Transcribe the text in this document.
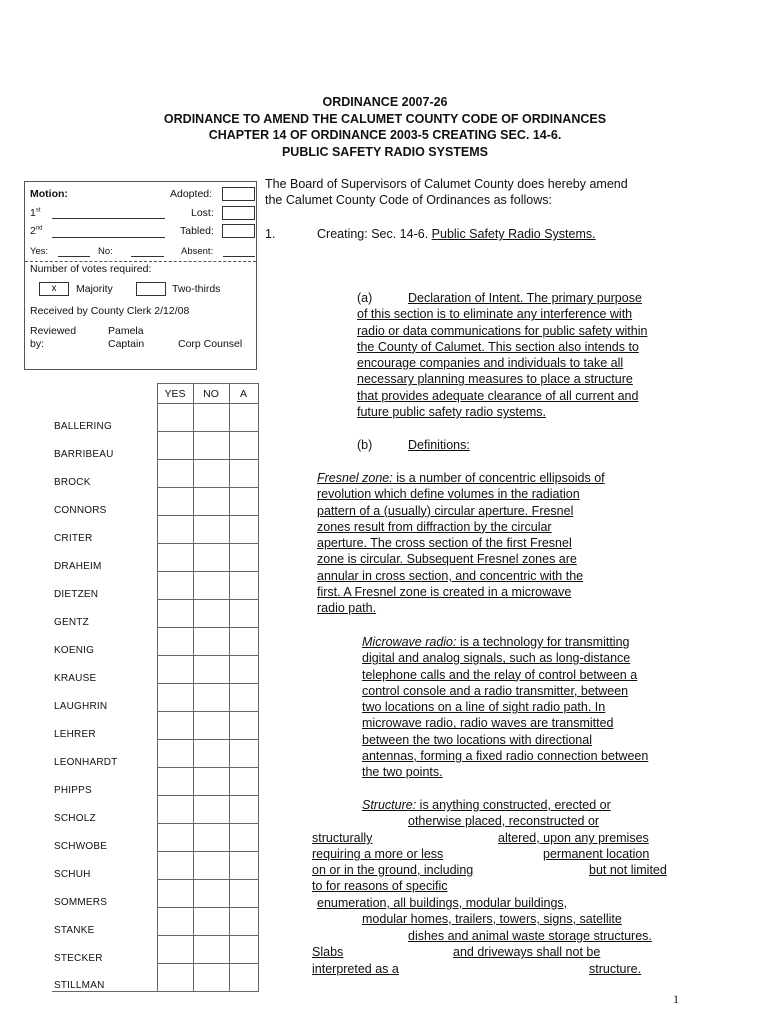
ORDINANCE 2007-26
ORDINANCE TO AMEND THE CALUMET COUNTY CODE OF ORDINANCES
CHAPTER 14 OF ORDINANCE 2003-5 CREATING SEC. 14-6.
PUBLIC SAFETY RADIO SYSTEMS
Motion:	Adopted:
1st	Lost:
2nd	Tabled:
Yes:	No:	Absent:
Number of votes required:
x	Majority	Two-thirds
Received by County Clerk 2/12/08
Reviewed
by:
Pamela
Captain	Corp Counsel
	YES	NO	A
BALLERING			
BARRIBEAU			
BROCK			
CONNORS			
CRITER			
DRAHEIM			
DIETZEN			
GENTZ			
KOENIG			
KRAUSE			
LAUGHRIN			
LEHRER			
LEONHARDT			
PHIPPS			
SCHOLZ			
SCHWOBE			
SCHUH			
SOMMERS			
STANKE			
STECKER			
STILLMAN			
The Board of Supervisors of Calumet County does hereby amend
the Calumet County Code of Ordinances as follows:
1.	Creating: Sec. 14-6. Public Safety Radio Systems.
(a)	Declaration of Intent. The primary purpose
of this section is to eliminate any interference with
radio or data communications for public safety within
the County of Calumet. This section also intends to
encourage companies and individuals to take all
necessary planning measures to place a structure
that provides adequate clearance of all current and
future public safety radio systems.
(b)	Definitions:
Fresnel zone: is a number of concentric ellipsoids of
revolution which define volumes in the radiation
pattern of a (usually) circular aperture. Fresnel
zones result from diffraction by the circular
aperture. The cross section of the first Fresnel
zone is circular. Subsequent Fresnel zones are
annular in cross section, and concentric with the
first. A Fresnel zone is created in a microwave
radio path.
Microwave radio: is a technology for transmitting
digital and analog signals, such as long-distance
telephone calls and the relay of control between a
control console and a radio transmitter, between
two locations on a line of sight radio path. In
microwave radio, radio waves are transmitted
between the two locations with directional
antennas, forming a fixed radio connection between
the two points.
Structure: is anything constructed, erected or
otherwise placed, reconstructed or
structurally	altered, upon any premises
requiring a more or less	permanent location
on or in the ground, including	but not limited
to for reasons of specific
enumeration, all buildings, modular buildings,
modular homes, trailers, towers, signs, satellite
dishes and animal waste storage structures.
Slabs	and driveways shall not be
interpreted as a	structure.
1
